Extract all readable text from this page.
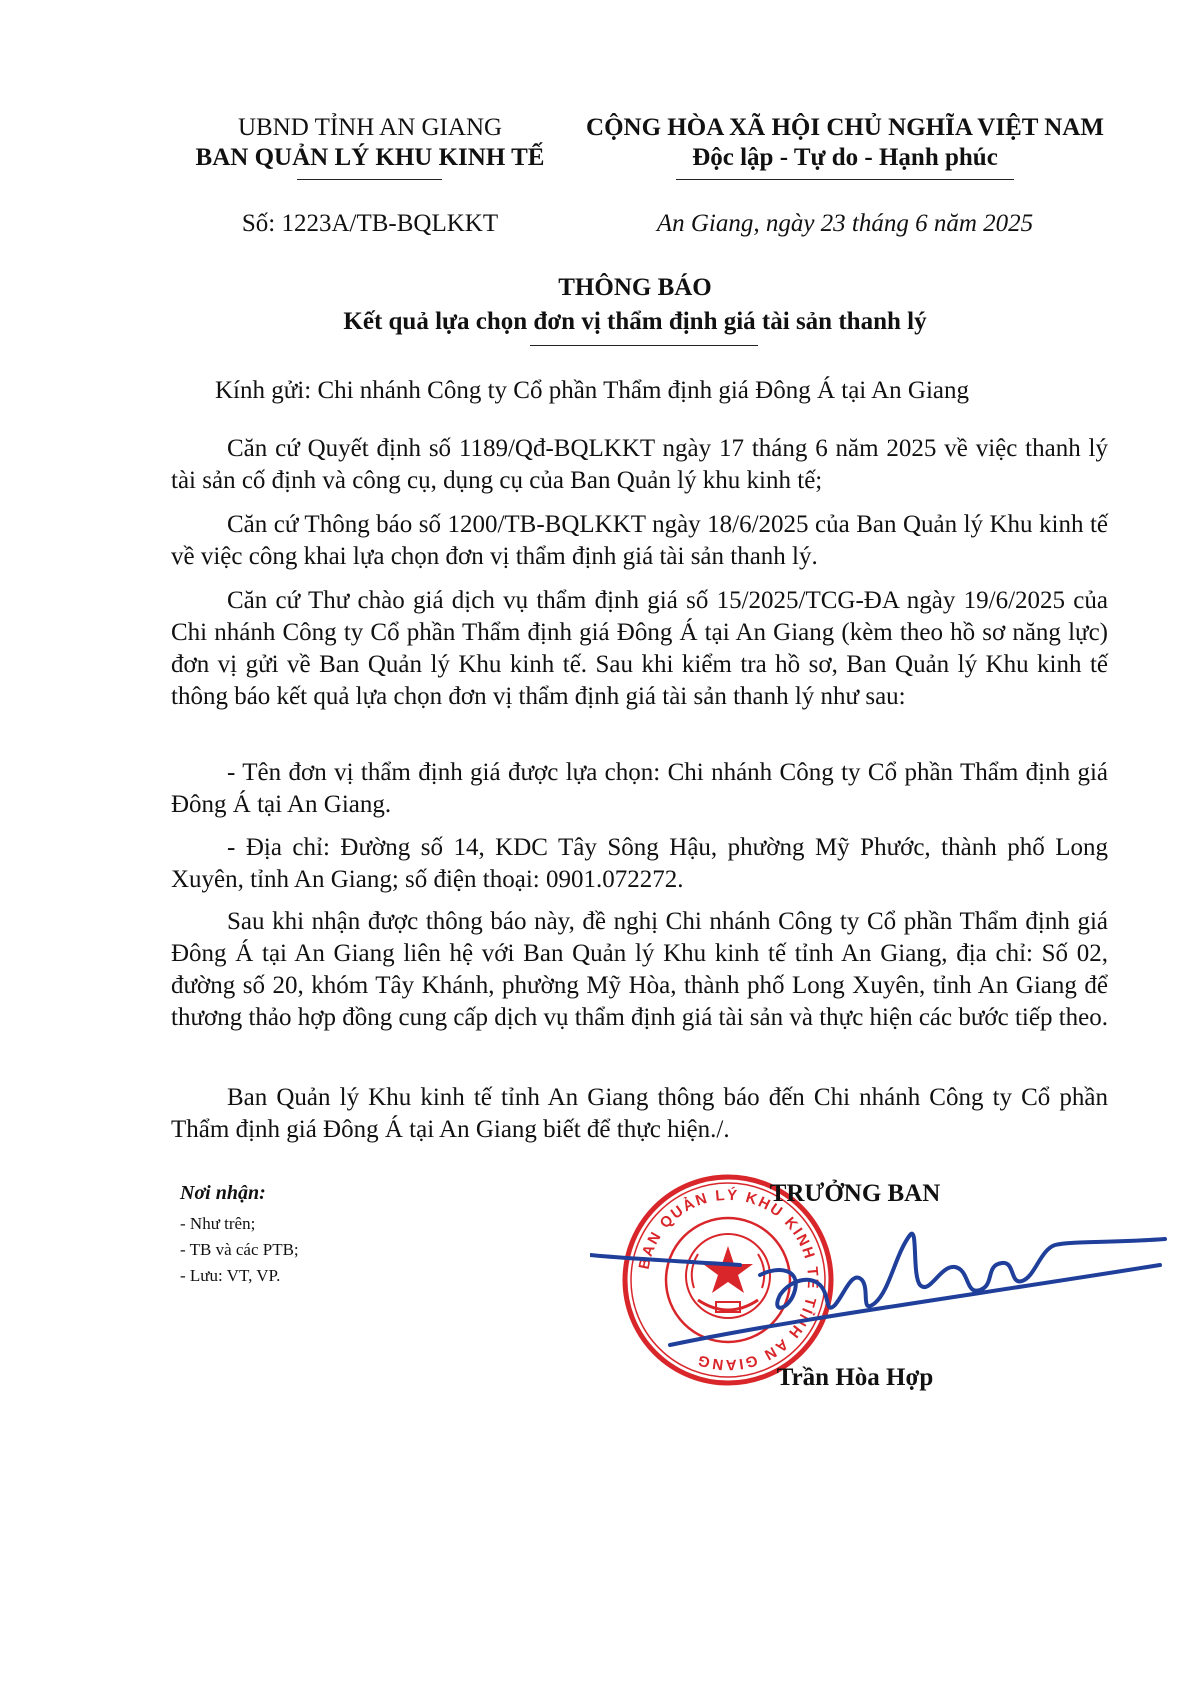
UBND TỈNH AN GIANG
BAN QUẢN LÝ KHU KINH TẾ
CỘNG HÒA XÃ HỘI CHỦ NGHĨA VIỆT NAM
Độc lập - Tự do - Hạnh phúc
Số: 1223A/TB-BQLKKT	An Giang, ngày 23 tháng 6 năm 2025
THÔNG BÁO
Kết quả lựa chọn đơn vị thẩm định giá tài sản thanh lý
Kính gửi: Chi nhánh Công ty Cổ phần Thẩm định giá Đông Á tại An Giang
Căn cứ Quyết định số 1189/Qđ-BQLKKT ngày 17 tháng 6 năm 2025 về việc thanh lý tài sản cố định và công cụ, dụng cụ của Ban Quản lý khu kinh tế;
Căn cứ Thông báo số 1200/TB-BQLKKT ngày 18/6/2025 của Ban Quản lý Khu kinh tế về việc công khai lựa chọn đơn vị thẩm định giá tài sản thanh lý.
Căn cứ Thư chào giá dịch vụ thẩm định giá số 15/2025/TCG-ĐA ngày 19/6/2025 của Chi nhánh Công ty Cổ phần Thẩm định giá Đông Á tại An Giang (kèm theo hồ sơ năng lực) đơn vị gửi về Ban Quản lý Khu kinh tế. Sau khi kiểm tra hồ sơ, Ban Quản lý Khu kinh tế thông báo kết quả lựa chọn đơn vị thẩm định giá tài sản thanh lý như sau:
- Tên đơn vị thẩm định giá được lựa chọn: Chi nhánh Công ty Cổ phần Thẩm định giá Đông Á tại An Giang.
- Địa chỉ: Đường số 14, KDC Tây Sông Hậu, phường Mỹ Phước, thành phố Long Xuyên, tỉnh An Giang; số điện thoại: 0901.072272.
Sau khi nhận được thông báo này, đề nghị Chi nhánh Công ty Cổ phần Thẩm định giá Đông Á tại An Giang liên hệ với Ban Quản lý Khu kinh tế tỉnh An Giang, địa chỉ: Số 02, đường số 20, khóm Tây Khánh, phường Mỹ Hòa, thành phố Long Xuyên, tỉnh An Giang để thương thảo hợp đồng cung cấp dịch vụ thẩm định giá tài sản và thực hiện các bước tiếp theo.
Ban Quản lý Khu kinh tế tỉnh An Giang thông báo đến Chi nhánh Công ty Cổ phần Thẩm định giá Đông Á tại An Giang biết để thực hiện./.
Nơi nhận:
- Như trên;
- TB và các PTB;
- Lưu: VT, VP.
BAN QUẢN LÝ KHU KINH TẾ TỈNH AN GIANG
TRƯỞNG BAN
Trần Hòa Hợp
